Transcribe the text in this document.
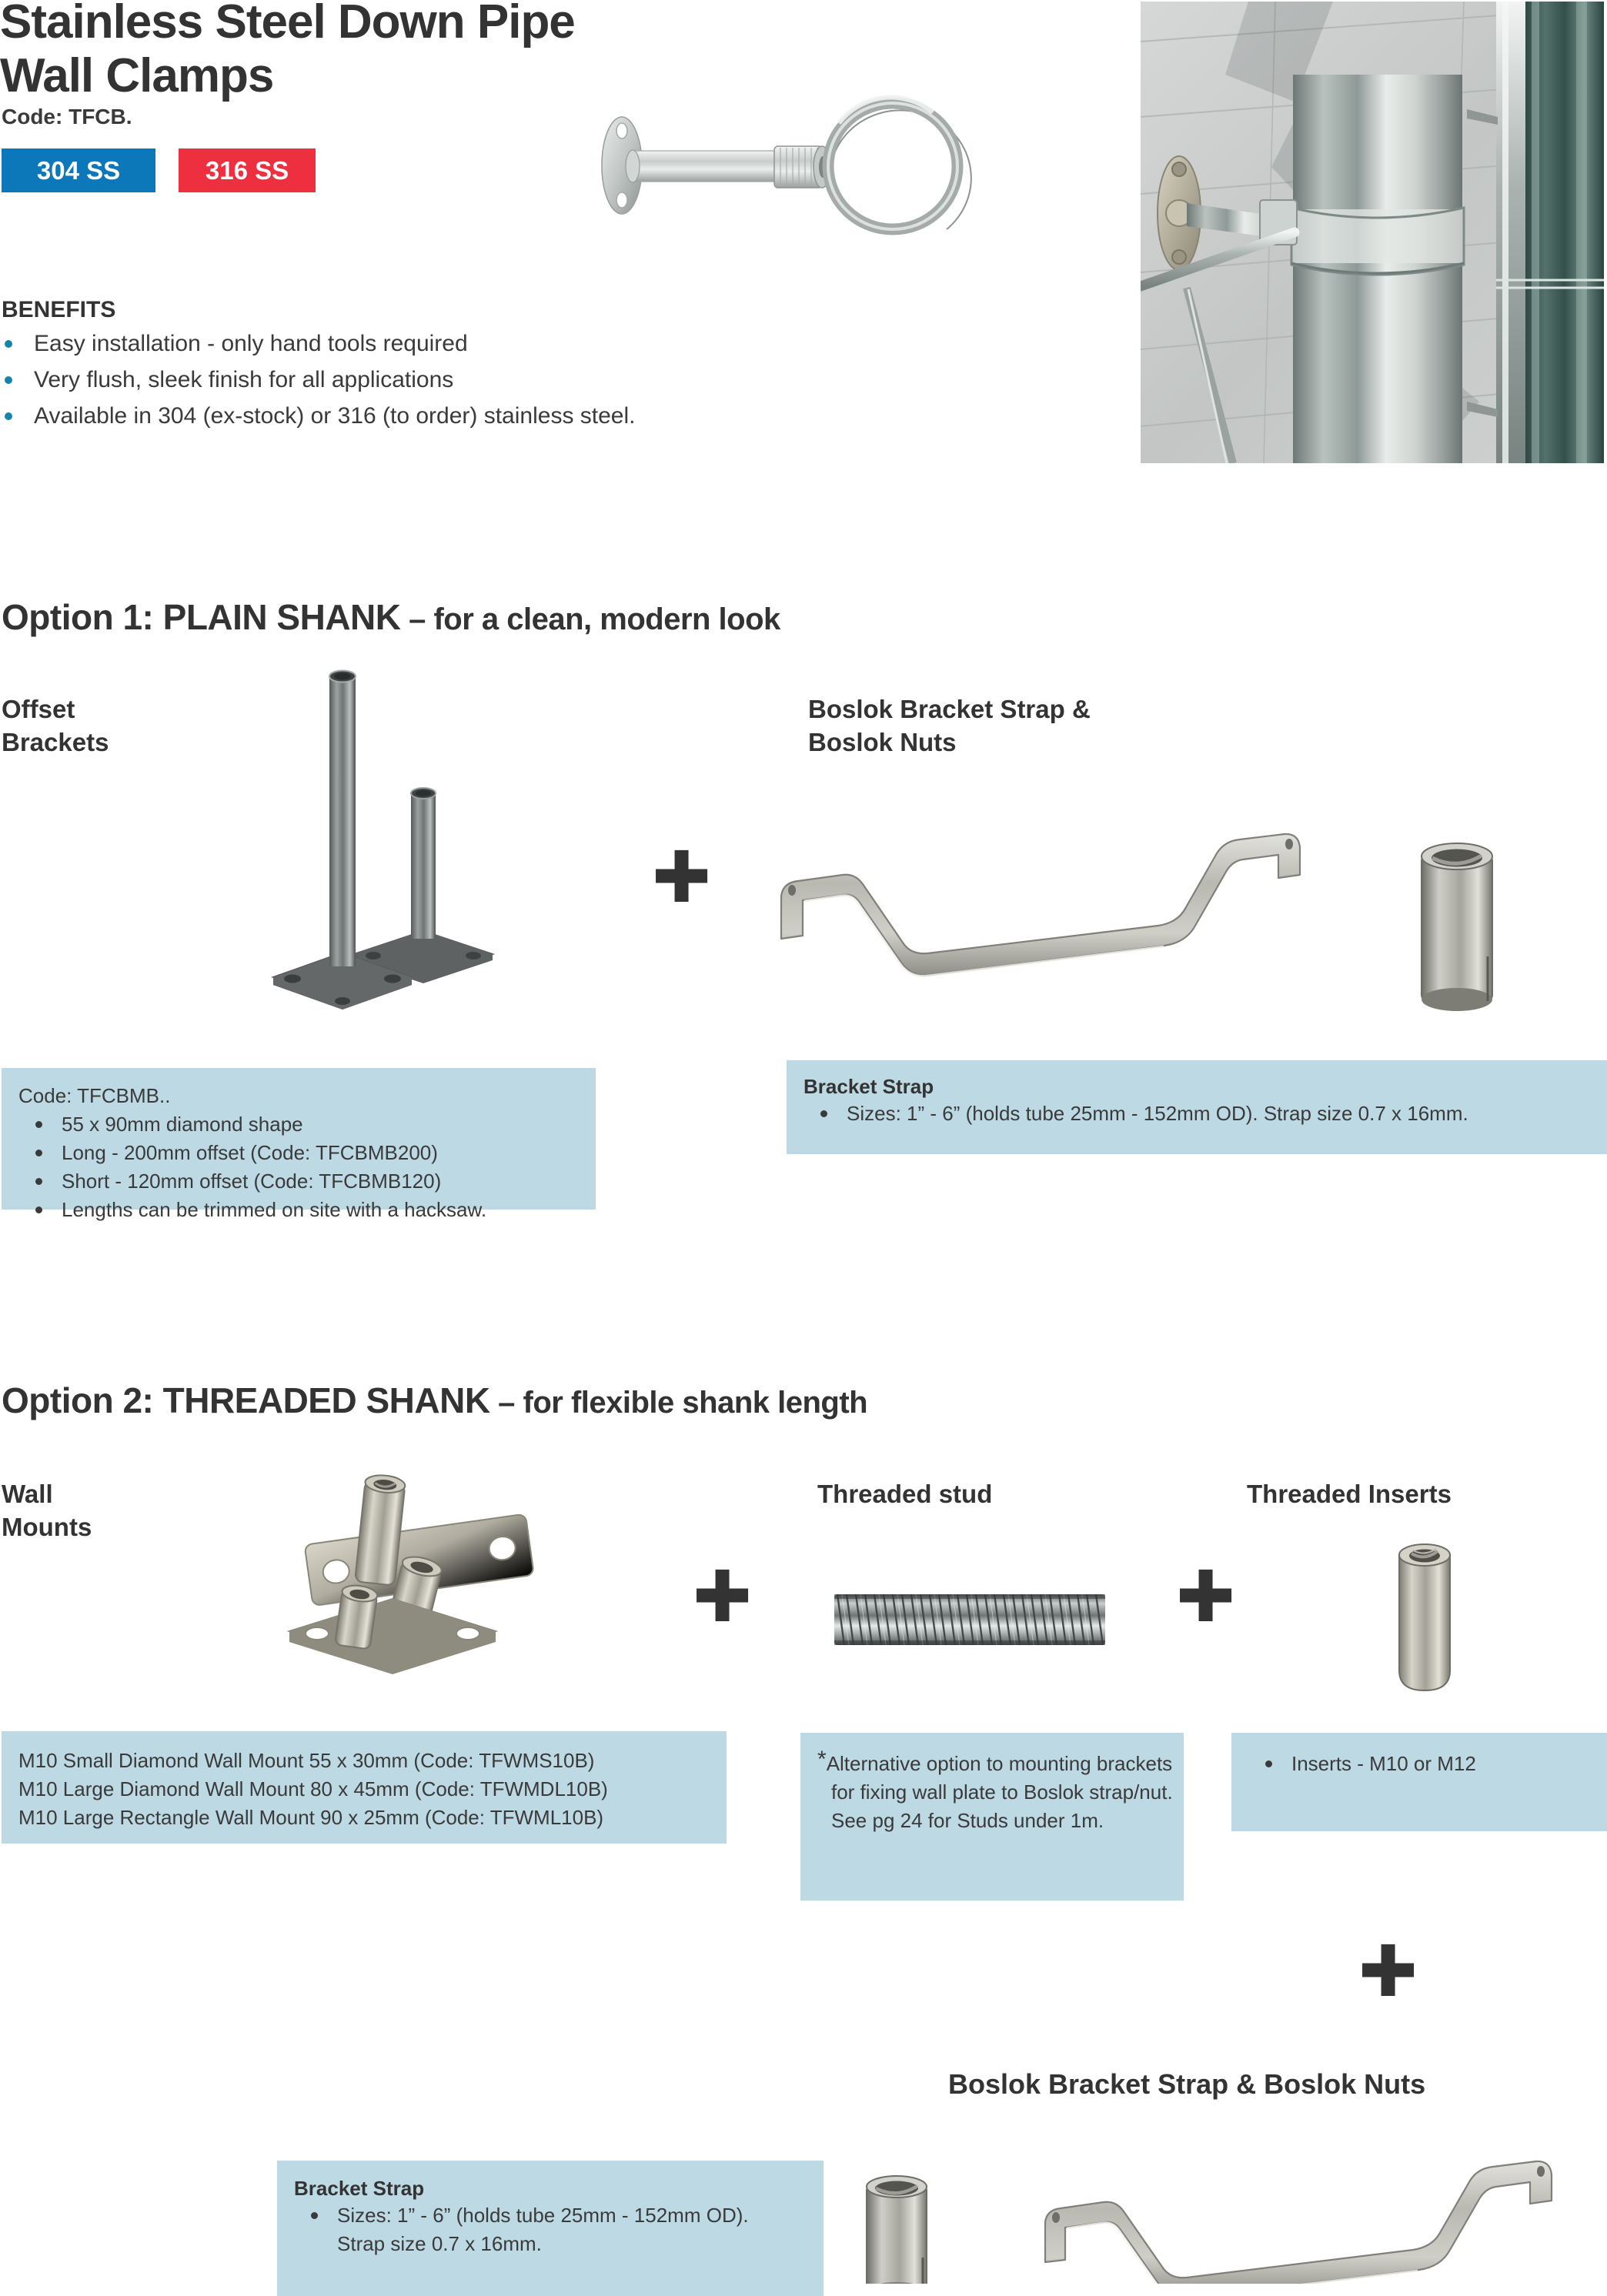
Stainless Steel Down Pipe
Wall Clamps
Code: TFCB.
304 SS	316 SS
BENEFITS
Easy installation - only hand tools required
Very flush, sleek finish for all applications
Available in 304 (ex-stock) or 316 (to order) stainless steel.
Option 1: PLAIN SHANK – for a clean, modern look
Offset
Brackets
Boslok Bracket Strap &
Boslok Nuts
✚
Code: TFCBMB..
55 x 90mm diamond shape
Long - 200mm offset (Code: TFCBMB200)
Short - 120mm offset (Code: TFCBMB120)
Lengths can be trimmed on site with a hacksaw.
Bracket Strap
Sizes: 1” - 6” (holds tube 25mm - 152mm OD). Strap size 0.7 x 16mm.
Option 2: THREADED SHANK – for flexible shank length
Wall
Mounts
Threaded stud	Threaded Inserts
✚	✚
M10 Small Diamond Wall Mount 55 x 30mm (Code: TFWMS10B)
M10 Large Diamond Wall Mount 80 x 45mm (Code: TFWMDL10B)
M10 Large Rectangle Wall Mount 90 x 25mm (Code: TFWML10B)
*Alternative option to mounting brackets for fixing wall plate to Boslok strap/nut. See pg 24 for Studs under 1m.
Inserts - M10 or M12
✚
Boslok Bracket Strap & Boslok Nuts
Bracket Strap
Sizes: 1” - 6” (holds tube 25mm - 152mm OD).
Strap size 0.7 x 16mm.
